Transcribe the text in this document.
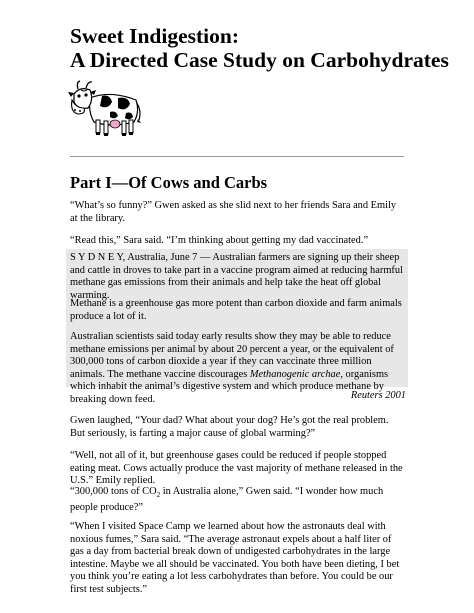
Sweet Indigestion:
A Directed Case Study on Carbohydrates
Part I—Of Cows and Carbs

“What’s so funny?” Gwen asked as she slid next to her friends Sara and Emily at the library.

“Read this,” Sara said. “I’m thinking about getting my dad vaccinated.”

S Y D N E Y, Australia, June 7 — Australian farmers are signing up their sheep and cattle in droves to take part in a vaccine program aimed at reducing harmful methane gas emissions from their animals and help take the heat off global warming.

Methane is a greenhouse gas more potent than carbon dioxide and farm animals produce a lot of it.

Australian scientists said today early results show they may be able to reduce methane emissions per animal by about 20 percent a year, or the equivalent of 300,000 tons of carbon dioxide a year if they can vaccinate three million animals. The methane vaccine discourages Methanogenic archae, organisms which inhabit the animal’s digestive system and which produce methane by breaking down feed.	Reuters 2001

Gwen laughed, “Your dad? What about your dog? He’s got the real problem. But seriously, is farting a major cause of global warming?”

“Well, not all of it, but greenhouse gases could be reduced if people stopped eating meat. Cows actually produce the vast majority of methane released in the U.S.” Emily replied.

“300,000 tons of $CO_2$ in Australia alone,” Gwen said. “I wonder how much people produce?”

“When I visited Space Camp we learned about how the astronauts deal with noxious fumes,” Sara said. “The average astronaut expels about a half liter of gas a day from bacterial break down of undigested carbohydrates in the large intestine. Maybe we all should be vaccinated. You both have been dieting, I bet you think you’re eating a lot less carbohydrates than before. You could be our first test subjects.”
